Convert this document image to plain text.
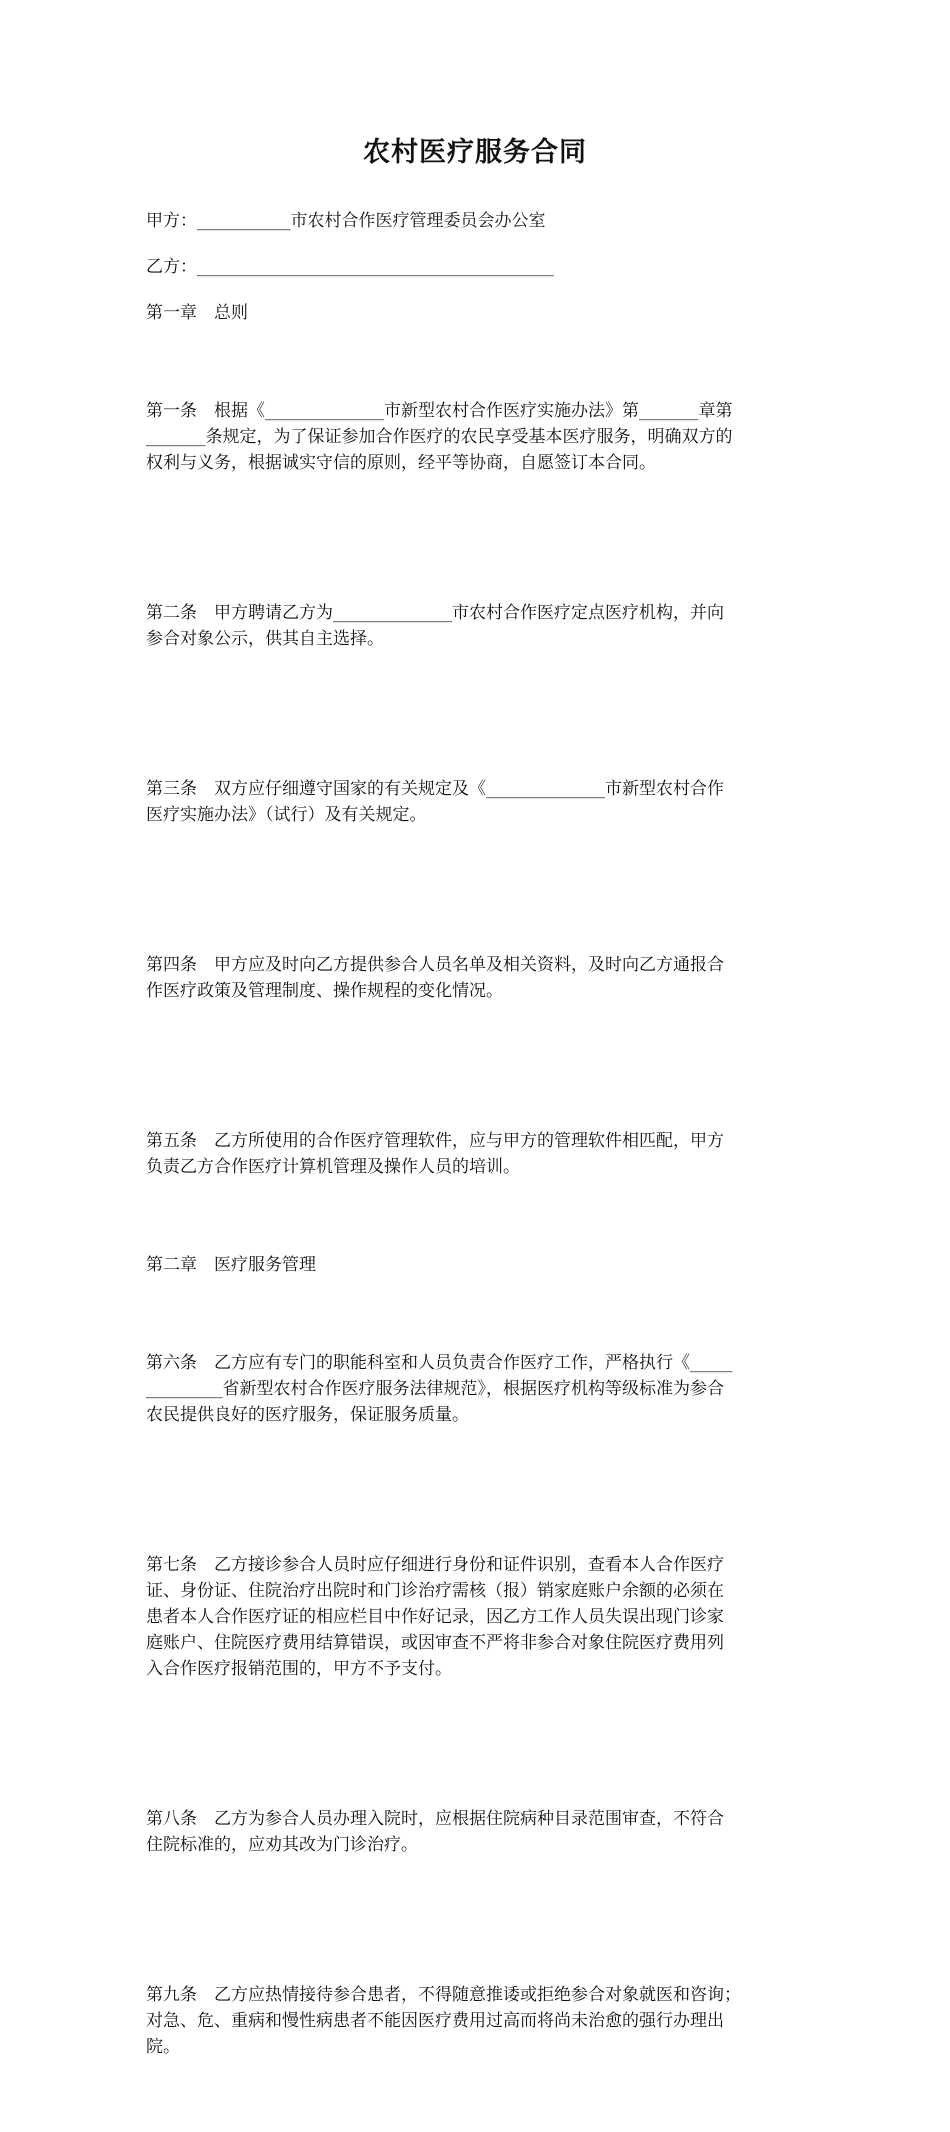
农村医疗服务合同

甲方：___________市农村合作医疗管理委员会办公室

乙方：__________________________________________

第一章　总则

第一条　根据《______________市新型农村合作医疗实施办法》第_______章第
_______条规定，为了保证参加合作医疗的农民享受基本医疗服务，明确双方的
权利与义务，根据诚实守信的原则，经平等协商，自愿签订本合同。

第二条　甲方聘请乙方为______________市农村合作医疗定点医疗机构，并向
参合对象公示，供其自主选择。

第三条　双方应仔细遵守国家的有关规定及《______________市新型农村合作
医疗实施办法》（试行）及有关规定。

第四条　甲方应及时向乙方提供参合人员名单及相关资料，及时向乙方通报合
作医疗政策及管理制度、操作规程的变化情况。

第五条　乙方所使用的合作医疗管理软件，应与甲方的管理软件相匹配，甲方
负责乙方合作医疗计算机管理及操作人员的培训。

第二章　医疗服务管理

第六条　乙方应有专门的职能科室和人员负责合作医疗工作，严格执行《_____
_________省新型农村合作医疗服务法律规范》，根据医疗机构等级标准为参合
农民提供良好的医疗服务，保证服务质量。

第七条　乙方接诊参合人员时应仔细进行身份和证件识别，查看本人合作医疗
证、身份证、住院治疗出院时和门诊治疗需核（报）销家庭账户余额的必须在
患者本人合作医疗证的相应栏目中作好记录，因乙方工作人员失误出现门诊家
庭账户、住院医疗费用结算错误，或因审查不严将非参合对象住院医疗费用列
入合作医疗报销范围的，甲方不予支付。

第八条　乙方为参合人员办理入院时，应根据住院病种目录范围审查，不符合
住院标准的，应劝其改为门诊治疗。

第九条　乙方应热情接待参合患者，不得随意推诿或拒绝参合对象就医和咨询；
对急、危、重病和慢性病患者不能因医疗费用过高而将尚未治愈的强行办理出
院。
